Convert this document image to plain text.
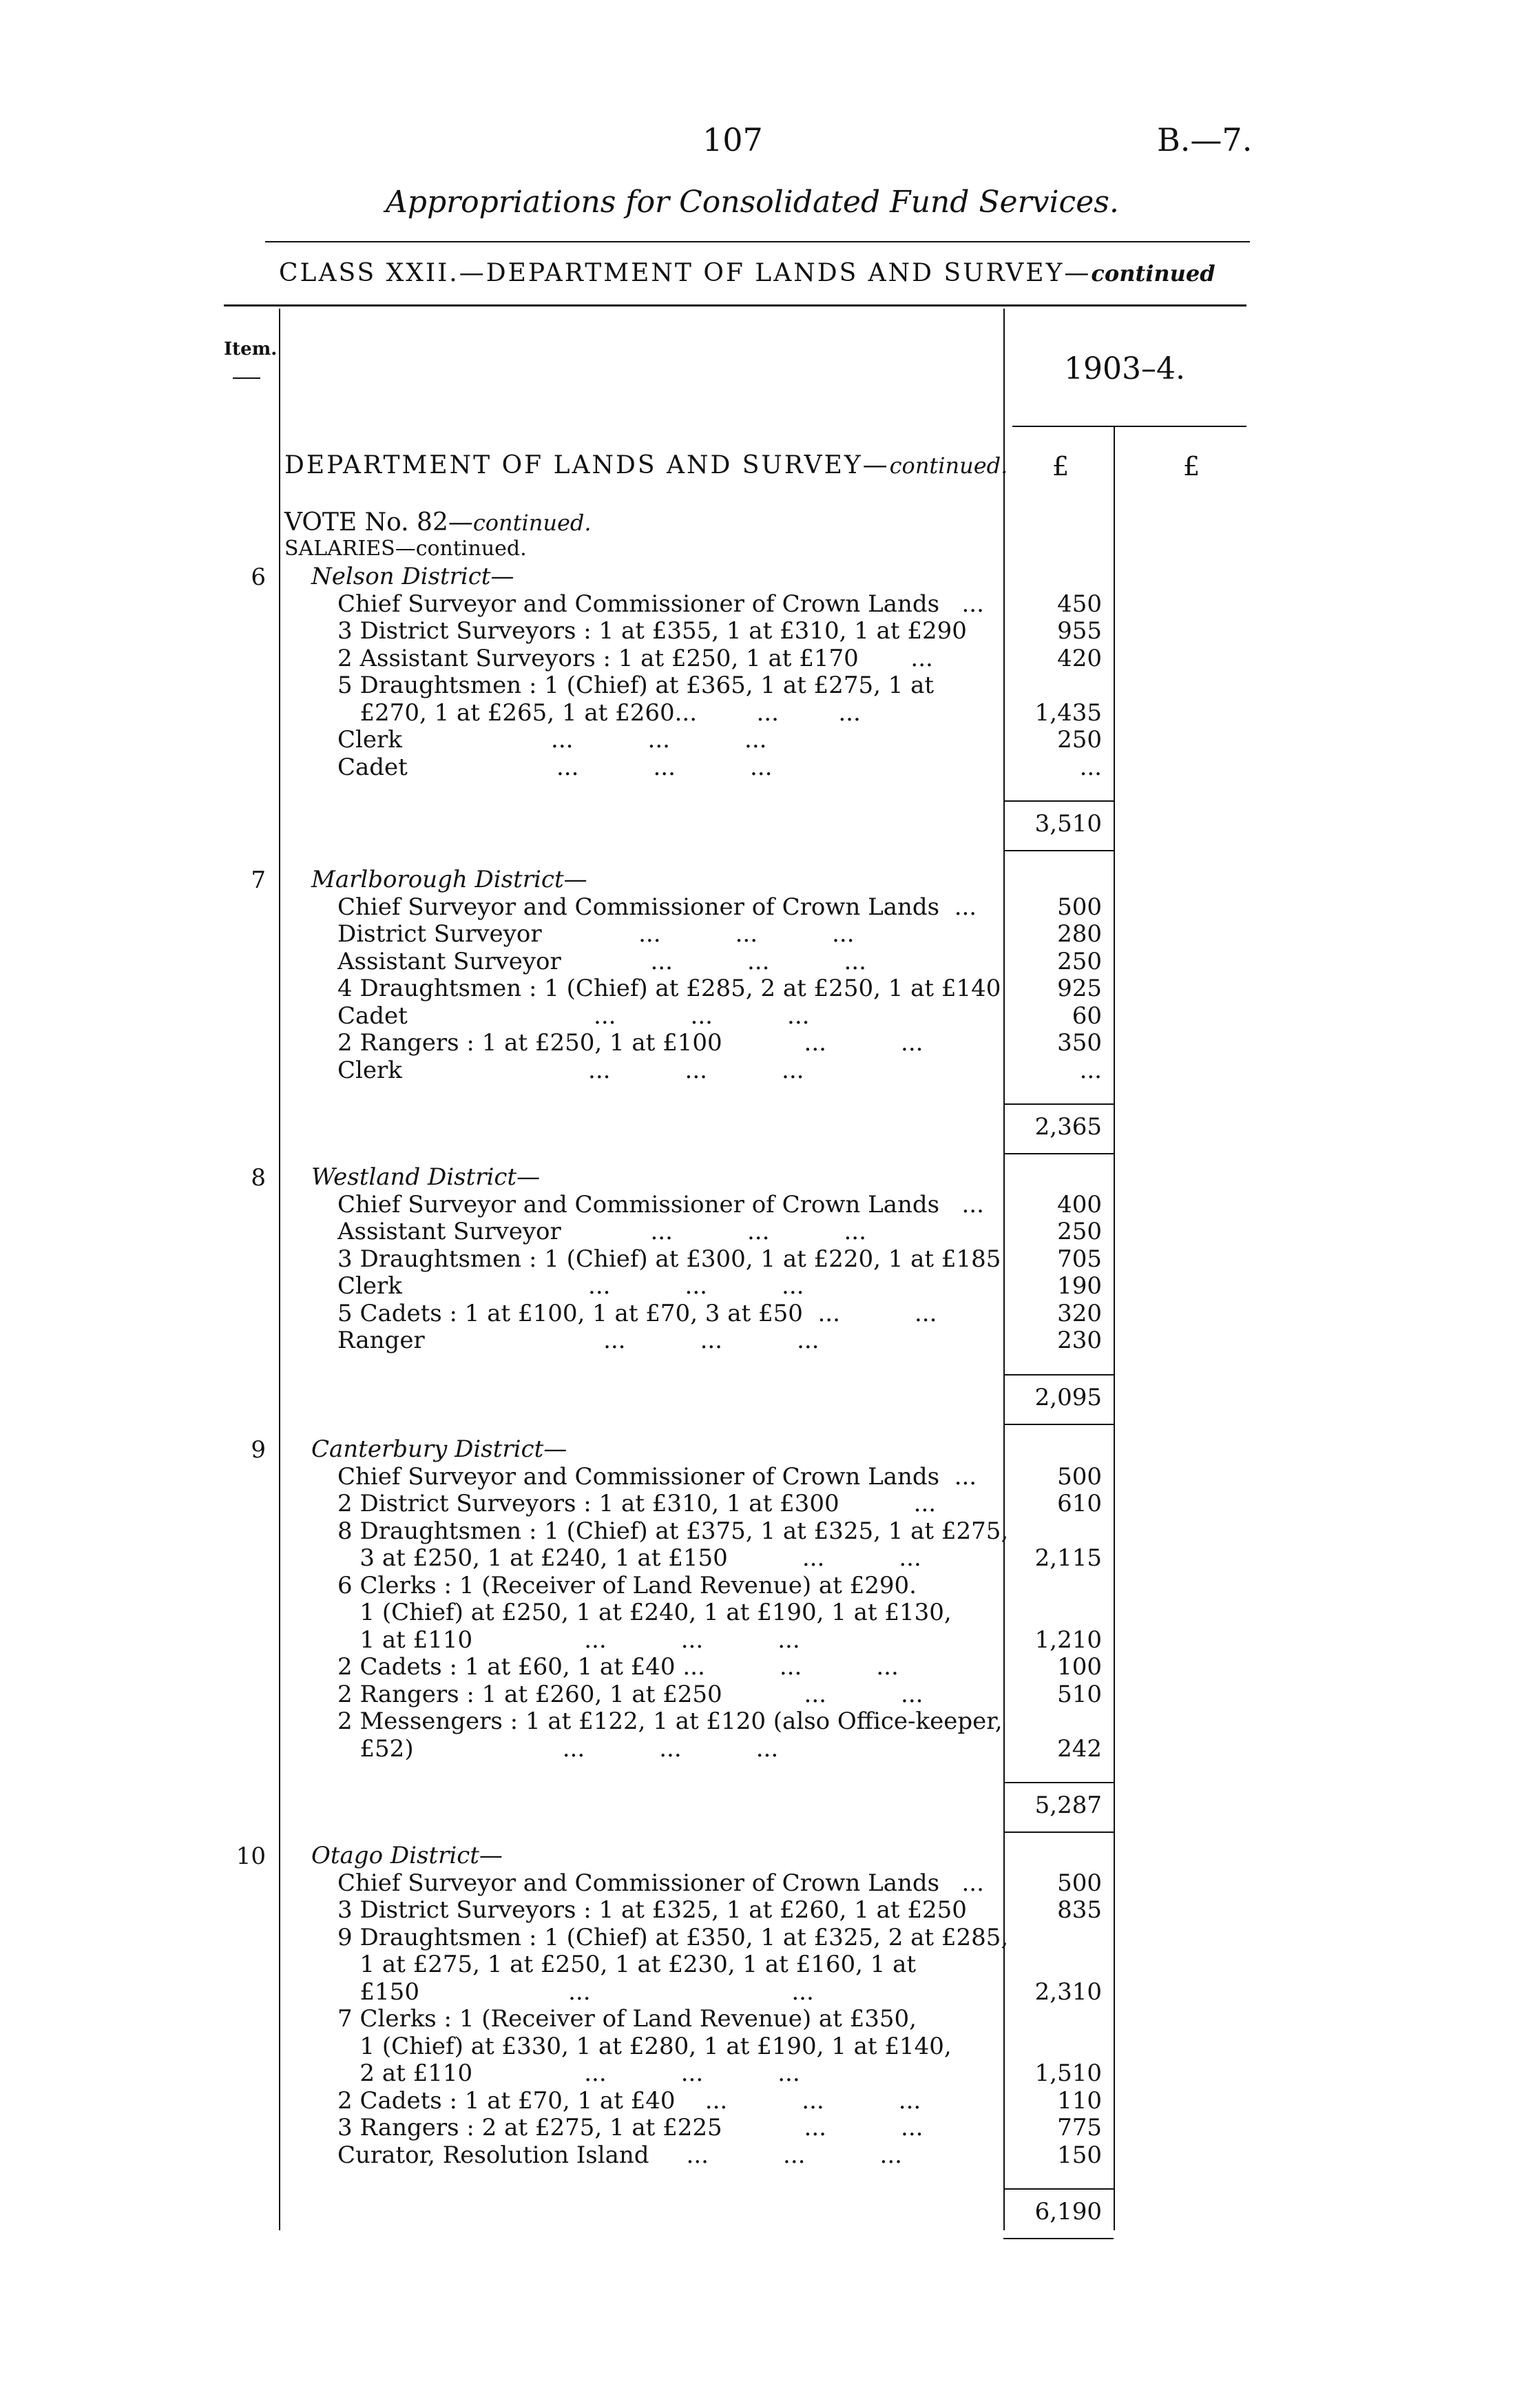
107	B.—7.
Appropriations for Consolidated Fund Services.
CLASS XXII.—DEPARTMENT OF LANDS AND SURVEY—continued
Item.
1903–4.
DEPARTMENT OF LANDS AND SURVEY—continued. £	£
VOTE No. 82—continued.
SALARIES—continued.
6 Nelson District—
Chief Surveyor and Commissioner of Crown Lands   ...	450
3 District Surveyors : 1 at £355, 1 at £310, 1 at £290	955
2 Assistant Surveyors : 1 at £250, 1 at £170       ...	420
5 Draughtsmen : 1 (Chief) at £365, 1 at £275, 1 at
£270, 1 at £265, 1 at £260...        ...        ...	1,435
Clerk                    ...          ...          ...	250
Cadet                    ...          ...          ...	...
3,510
7 Marlborough District—
Chief Surveyor and Commissioner of Crown Lands  ...	500
District Surveyor             ...          ...          ...	280
Assistant Surveyor            ...          ...          ...	250
4 Draughtsmen : 1 (Chief) at £285, 2 at £250, 1 at £140	925
Cadet                         ...          ...          ...	60
2 Rangers : 1 at £250, 1 at £100           ...          ...	350
Clerk                         ...          ...          ...	...
2,365
8 Westland District—
Chief Surveyor and Commissioner of Crown Lands   ...	400
Assistant Surveyor            ...          ...          ...	250
3 Draughtsmen : 1 (Chief) at £300, 1 at £220, 1 at £185	705
Clerk                         ...          ...          ...	190
5 Cadets : 1 at £100, 1 at £70, 3 at £50  ...          ...	320
Ranger                        ...          ...          ...	230
2,095
9 Canterbury District—
Chief Surveyor and Commissioner of Crown Lands  ...	500
2 District Surveyors : 1 at £310, 1 at £300          ...	610
8 Draughtsmen : 1 (Chief) at £375, 1 at £325, 1 at £275,
3 at £250, 1 at £240, 1 at £150          ...          ...	2,115
6 Clerks : 1 (Receiver of Land Revenue) at £290.
1 (Chief) at £250, 1 at £240, 1 at £190, 1 at £130,
1 at £110               ...          ...          ...	1,210
2 Cadets : 1 at £60, 1 at £40 ...          ...          ...	100
2 Rangers : 1 at £260, 1 at £250           ...          ...	510
2 Messengers : 1 at £122, 1 at £120 (also Office-keeper,
£52)                    ...          ...          ...	242
5,287
10 Otago District—
Chief Surveyor and Commissioner of Crown Lands   ...	500
3 District Surveyors : 1 at £325, 1 at £260, 1 at £250	835
9 Draughtsmen : 1 (Chief) at £350, 1 at £325, 2 at £285,
1 at £275, 1 at £250, 1 at £230, 1 at £160, 1 at
£150                    ...                           ...	2,310
7 Clerks : 1 (Receiver of Land Revenue) at £350,
1 (Chief) at £330, 1 at £280, 1 at £190, 1 at £140,
2 at £110               ...          ...          ...	1,510
2 Cadets : 1 at £70, 1 at £40    ...          ...          ...	110
3 Rangers : 2 at £275, 1 at £225           ...          ...	775
Curator, Resolution Island     ...          ...          ...	150
6,190
